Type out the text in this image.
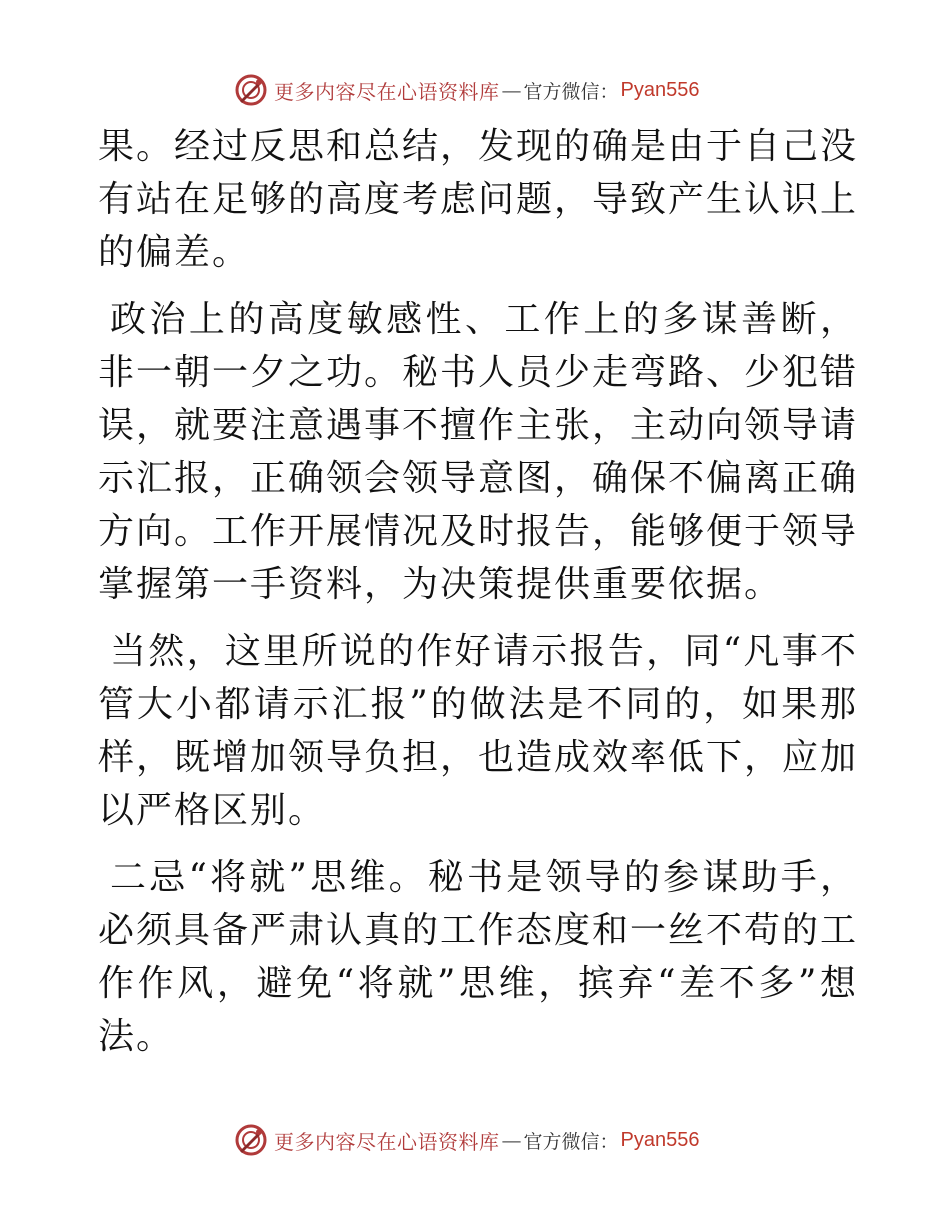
更多内容尽在心语资料库 — 官方微信： Pyan556

果。经过反思和总结，发现的确是由于自己没有站在足够的高度考虑问题，导致产生认识上的偏差。

政治上的高度敏感性、工作上的多谋善断，非一朝一夕之功。秘书人员少走弯路、少犯错误，就要注意遇事不擅作主张，主动向领导请示汇报，正确领会领导意图，确保不偏离正确方向。工作开展情况及时报告，能够便于领导掌握第一手资料，为决策提供重要依据。

当然，这里所说的作好请示报告，同“凡事不管大小都请示汇报”的做法是不同的，如果那样，既增加领导负担，也造成效率低下，应加以严格区别。

二忌“将就”思维。秘书是领导的参谋助手，必须具备严肃认真的工作态度和一丝不苟的工作作风，避免“将就”思维，摈弃“差不多”想法。

更多内容尽在心语资料库 — 官方微信： Pyan556
